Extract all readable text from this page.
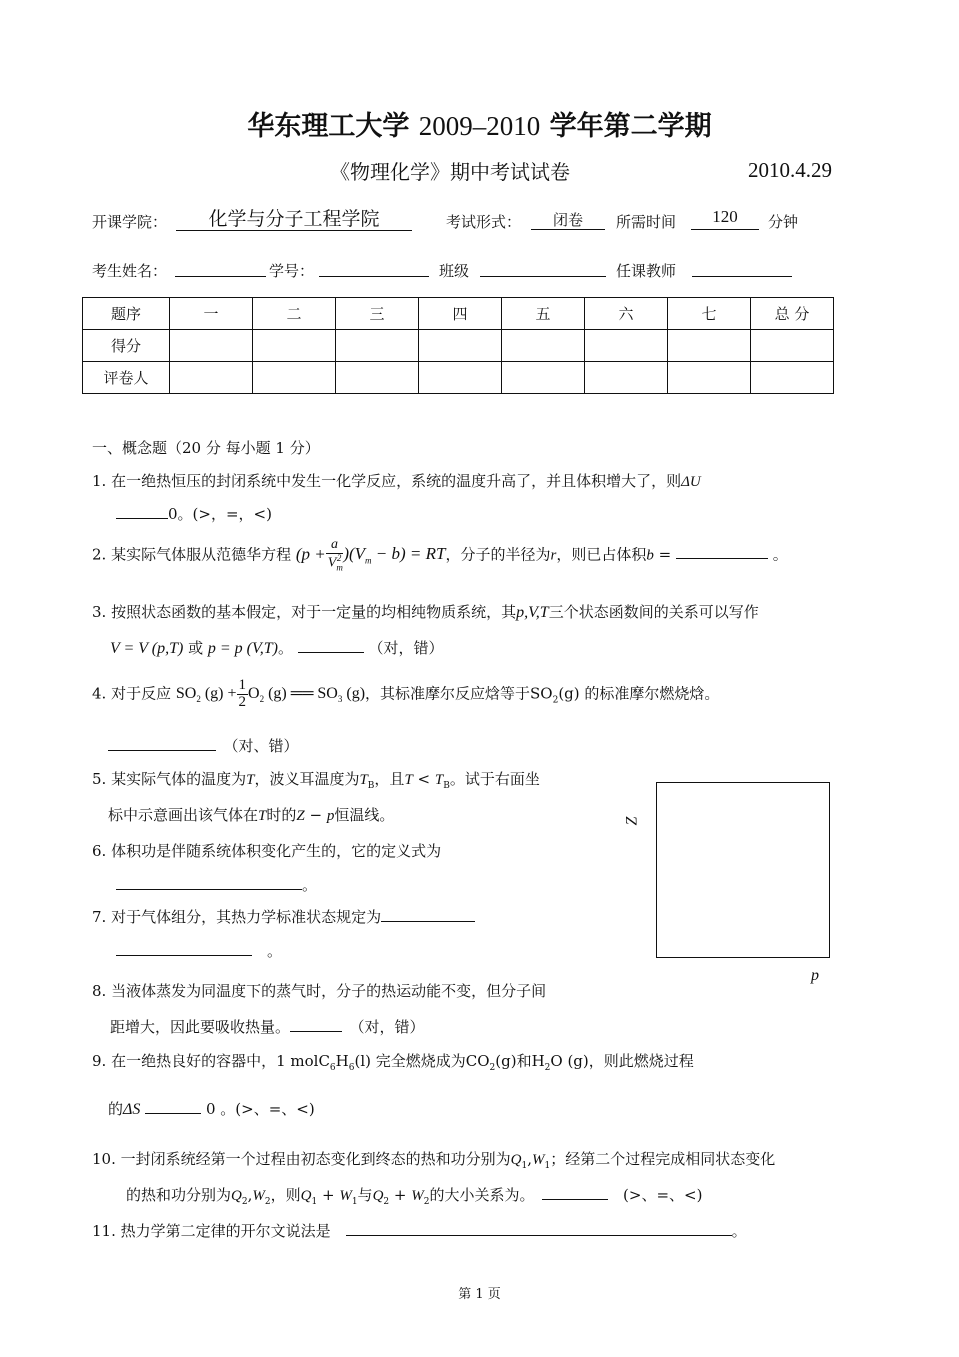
华东理工大学 2009–2010 学年第二学期
《物理化学》期中考试试卷	2010.4.29
开课学院：	化学与分子工程学院	考试形式：	闭卷	所需时间	120	分钟
考生姓名：	学号：	班级	任课教师
题序	一	二	三	四	五	六	七	总 分
得分								
评卷人								
一、概念题（20 分 每小题 1 分）
1. 在一绝热恒压的封闭系统中发生一化学反应，系统的温度升高了，并且体积增大了，则ΔU
0。(>，=，<)
2. 某实际气体服从范德华方程 $(p + \frac{a}{V_m^2} )(V_m - b)$ = RT，分子的半径为r，则已占体积b =	。
3. 按照状态函数的基本假定，对于一定量的均相纯物质系统，其p,V,T三个状态函数间的关系可以写作
V = V (p,T) 或 p = p (V,T)。	（对，错）
4. 对于反应 $SO_2$ $(g) + \frac{1}{2} O_2$ (g) ══ $SO_3$ (g)，其标准摩尔反应焓等于$SO_2(g)$ 的标准摩尔燃烧焓。
　（对、错）
5. 某实际气体的温度为T，波义耳温度为$T_B$，且$T < T_B$。试于右面坐
标中示意画出该气体在T时的Z − p恒温线。	Z
p
6. 体积功是伴随系统体积变化产生的，它的定义式为
。
7. 对于气体组分，其热力学标准状态规定为
　。
8. 当液体蒸发为同温度下的蒸气时，分子的热运动能不变，但分子间
距增大，因此要吸收热量。　	（对，错）
9. 在一绝热良好的容器中，1 $molC_6H_6(l)$ 完全燃烧成为$CO_2(g)$和$H_2O$ (g)，则此燃烧过程
的ΔS	0 。(>、=、<)
10. 一封闭系统经第一个过程由初态变化到终态的热和功分别为$Q_1,W_1$；经第二个过程完成相同状态变化
的热和功分别为$Q_2,W_2$，则$Q_1 + W_1$与$Q_2 + W_2$的大小关系为。　　	(>、=、<)
11. 热力学第二定律的开尔文说法是　	。
第 1 页
